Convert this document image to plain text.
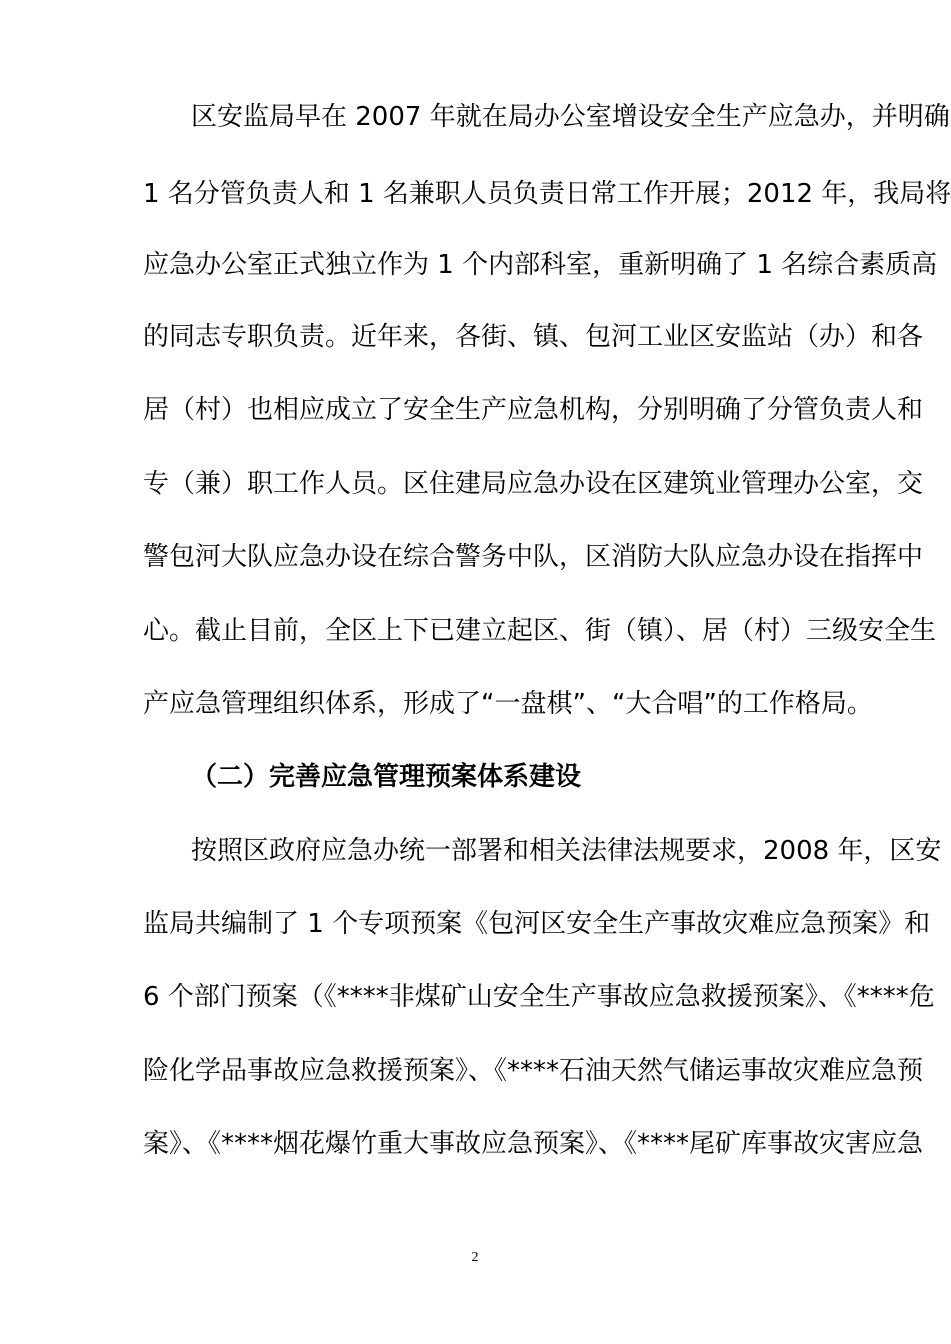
区安监局早在 2007 年就在局办公室增设安全生产应急办，并明确
1 名分管负责人和 1 名兼职人员负责日常工作开展；2012 年，我局将
应急办公室正式独立作为 1 个内部科室，重新明确了 1 名综合素质高
的同志专职负责。近年来，各街、镇、包河工业区安监站（办）和各
居（村）也相应成立了安全生产应急机构，分别明确了分管负责人和
专（兼）职工作人员。区住建局应急办设在区建筑业管理办公室，交
警包河大队应急办设在综合警务中队，区消防大队应急办设在指挥中
心。截止目前，全区上下已建立起区、街（镇）、居（村）三级安全生
产应急管理组织体系，形成了“一盘棋”、“大合唱”的工作格局。
（二）完善应急管理预案体系建设
按照区政府应急办统一部署和相关法律法规要求，2008 年，区安
监局共编制了 1 个专项预案《包河区安全生产事故灾难应急预案》和
6 个部门预案（《****非煤矿山安全生产事故应急救援预案》、《****危
险化学品事故应急救援预案》、《****石油天然气储运事故灾难应急预
案》、《****烟花爆竹重大事故应急预案》、《****尾矿库事故灾害应急
2
